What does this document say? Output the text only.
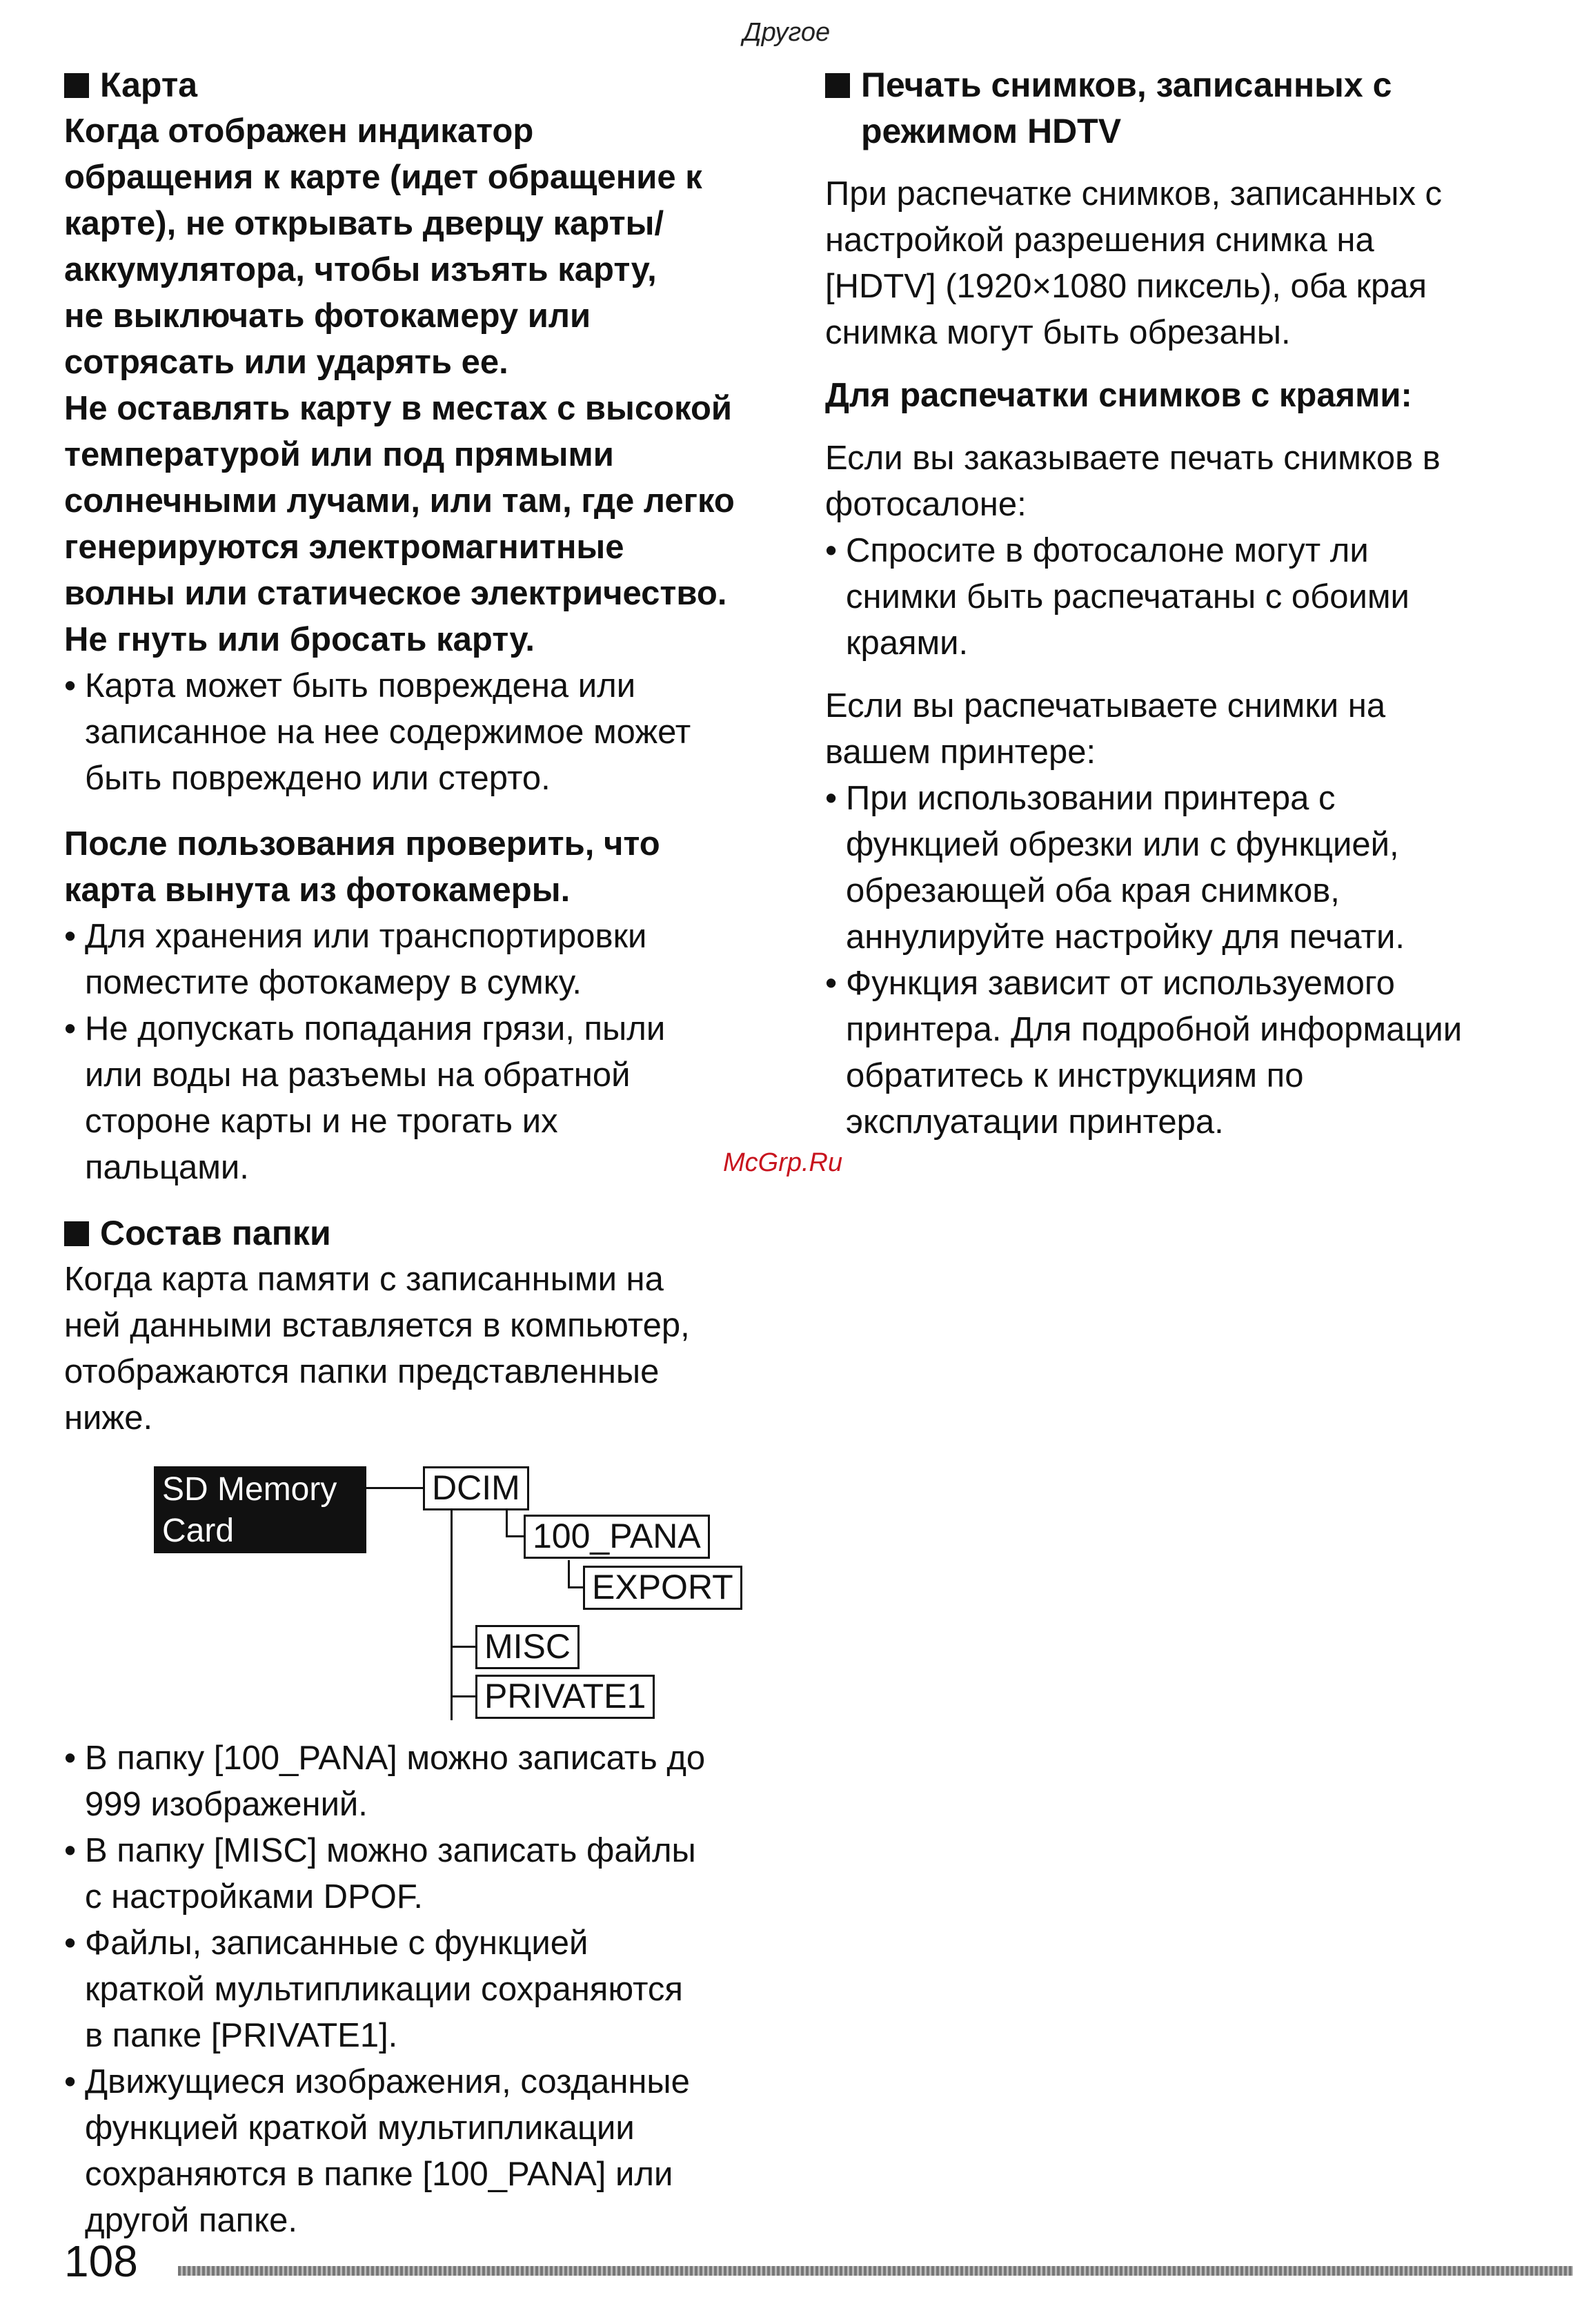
Другое
Карта

Когда отображен индикатор

обращения к карте (идет обращение к

карте), не открывать дверцу карты/

аккумулятора, чтобы изъять карту,

не выключать фотокамеру или

сотрясать или ударять ее.

Не оставлять карту в местах с высокой

температурой или под прямыми

солнечными лучами, или там, где легко

генерируются электромагнитные

волны или статическое электричество.

Не гнуть или бросать карту.

• Карта может быть повреждена или
записанное на нее содержимое может
быть повреждено или стерто.

После пользования проверить, что

карта вынута из фотокамеры.

• Для хранения или транспортировки
поместите фотокамеру в сумку.
• Не допускать попадания грязи, пыли
или воды на разъемы на обратной
стороне карты и не трогать их
пальцами.
Состав папки

Когда карта памяти с записанными на

ней данными вставляется в компьютер,

отображаются папки представленные

ниже.

SD Memory
Card
DCIM
100_PANA
EXPORT
MISC
PRIVATE1
• В папку [100_PANA] можно записать до
999 изображений.
• В папку [MISC] можно записать файлы
с настройками DPOF.
• Файлы, записанные с функцией
краткой мультипликации сохраняются
в папке [PRIVATE1].
• Движущиеся изображения, созданные
функцией краткой мультипликации
сохраняются в папке [100_PANA] или
другой папке.
Печать снимков, записанных с
режимом HDTV

При распечатке снимков, записанных с

настройкой разрешения снимка на

[HDTV] (1920×1080 пиксель), оба края

снимка могут быть обрезаны.

Для распечатки снимков с краями:

Если вы заказываете печать снимков в

фотосалоне:

• Спросите в фотосалоне могут ли
снимки быть распечатаны с обоими
краями.

Если вы распечатываете снимки на

вашем принтере:

• При использовании принтера с
функцией обрезки или с функцией,
обрезающей оба края снимков,
аннулируйте настройку для печати.
• Функция зависит от используемого
принтера. Для подробной информации
обратитесь к инструкциям по
эксплуатации принтера.
McGrp.Ru
108
